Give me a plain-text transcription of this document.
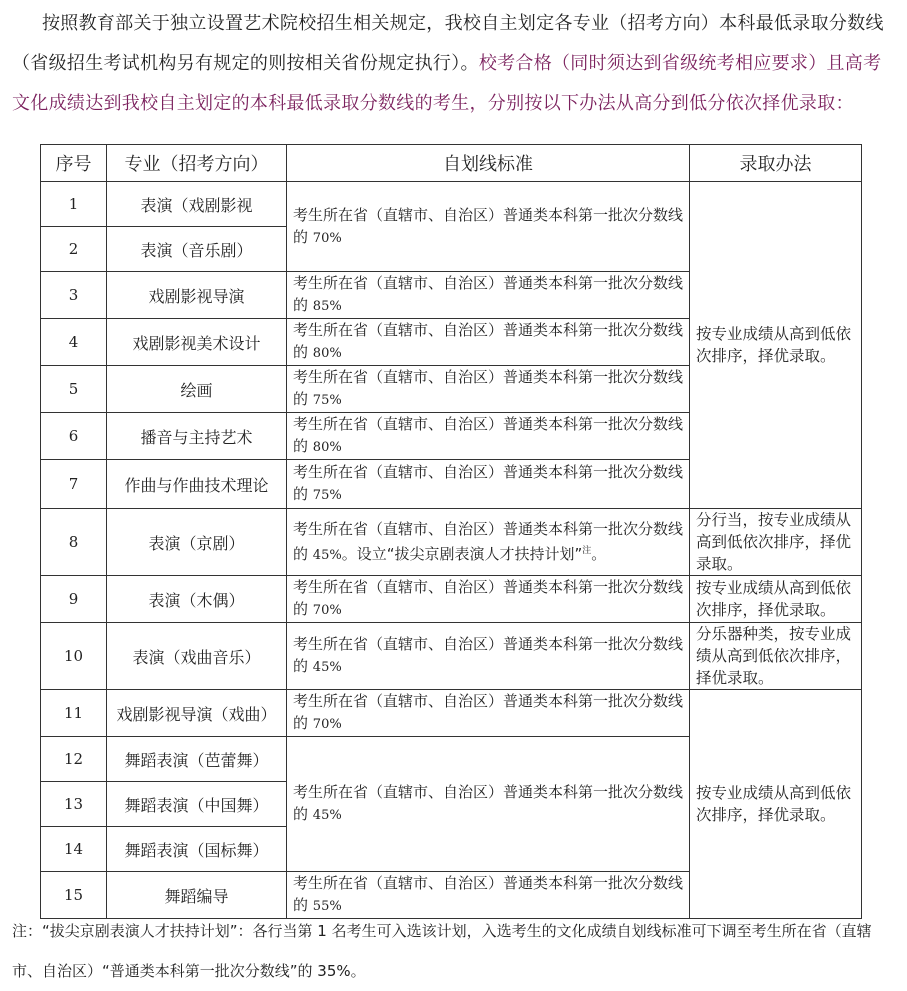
按照教育部关于独立设置艺术院校招生相关规定，我校自主划定各专业（招考方向）本科最低录取分数线（省级招生考试机构另有规定的则按相关省份规定执行）。校考合格（同时须达到省级统考相应要求）且高考文化成绩达到我校自主划定的本科最低录取分数线的考生，分别按以下办法从高分到低分依次择优录取：
序号	专业（招考方向）	自划线标准	录取办法
1	表演（戏剧影视	考生所在省（直辖市、自治区）普通类本科第一批次分数线的 70%	按专业成绩从高到低依次排序，择优录取。
2	表演（音乐剧）		
3	戏剧影视导演	考生所在省（直辖市、自治区）普通类本科第一批次分数线的 85%	
4	戏剧影视美术设计	考生所在省（直辖市、自治区）普通类本科第一批次分数线的 80%	
5	绘画	考生所在省（直辖市、自治区）普通类本科第一批次分数线的 75%	
6	播音与主持艺术	考生所在省（直辖市、自治区）普通类本科第一批次分数线的 80%	
7	作曲与作曲技术理论	考生所在省（直辖市、自治区）普通类本科第一批次分数线的 75%	
8	表演（京剧）	考生所在省（直辖市、自治区）普通类本科第一批次分数线的 45%。设立“拔尖京剧表演人才扶持计划”$^注$。	分行当，按专业成绩从高到低依次排序，择优录取。
9	表演（木偶）	考生所在省（直辖市、自治区）普通类本科第一批次分数线的 70%	按专业成绩从高到低依次排序，择优录取。
10	表演（戏曲音乐）	考生所在省（直辖市、自治区）普通类本科第一批次分数线的 45%	分乐器种类，按专业成绩从高到低依次排序，择优录取。
11	戏剧影视导演（戏曲）	考生所在省（直辖市、自治区）普通类本科第一批次分数线的 70%	按专业成绩从高到低依次排序，择优录取。
12	舞蹈表演（芭蕾舞）	考生所在省（直辖市、自治区）普通类本科第一批次分数线的 45%	
13	舞蹈表演（中国舞）		
14	舞蹈表演（国标舞）		
15	舞蹈编导	考生所在省（直辖市、自治区）普通类本科第一批次分数线的 55%	
注：“拔尖京剧表演人才扶持计划”：各行当第 1 名考生可入选该计划，入选考生的文化成绩自划线标准可下调至考生所在省（直辖市、自治区）“普通类本科第一批次分数线”的 35%。
